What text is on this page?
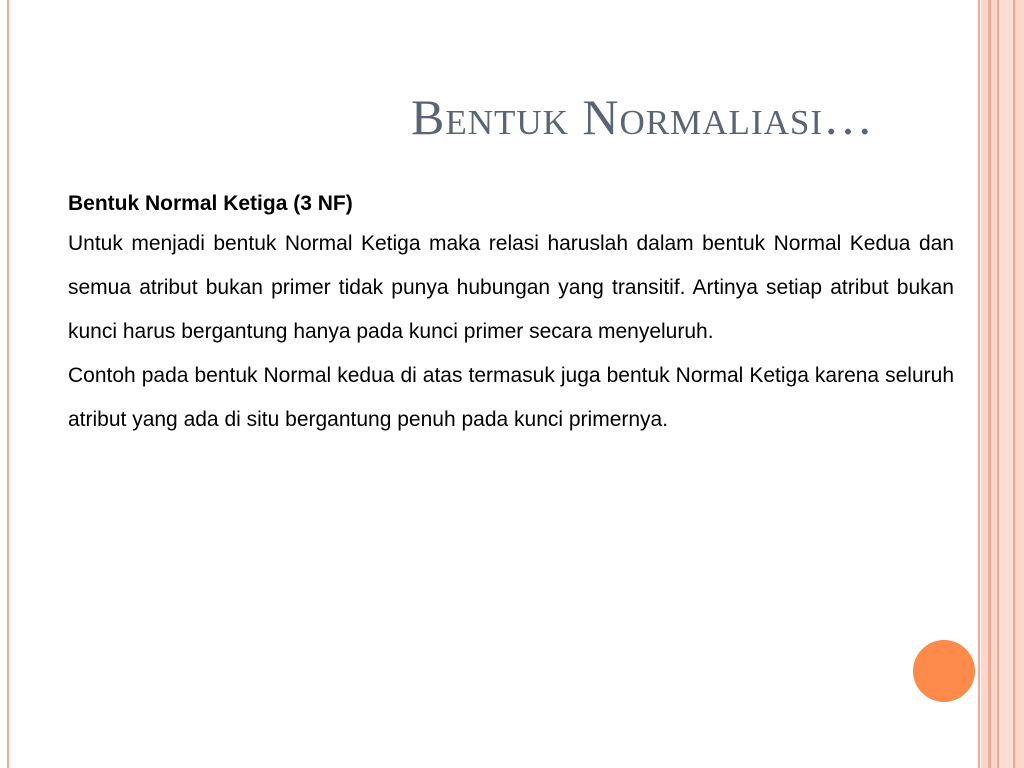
Bentuk Normaliasi…
Bentuk Normal Ketiga (3 NF)

Untuk menjadi bentuk Normal Ketiga maka relasi haruslah dalam bentuk Normal Kedua dan semua atribut bukan primer tidak punya hubungan yang transitif. Artinya setiap atribut bukan kunci harus bergantung hanya pada kunci primer secara menyeluruh.

Contoh pada bentuk Normal kedua di atas termasuk juga bentuk Normal Ketiga karena seluruh atribut yang ada di situ bergantung penuh pada kunci primernya.
